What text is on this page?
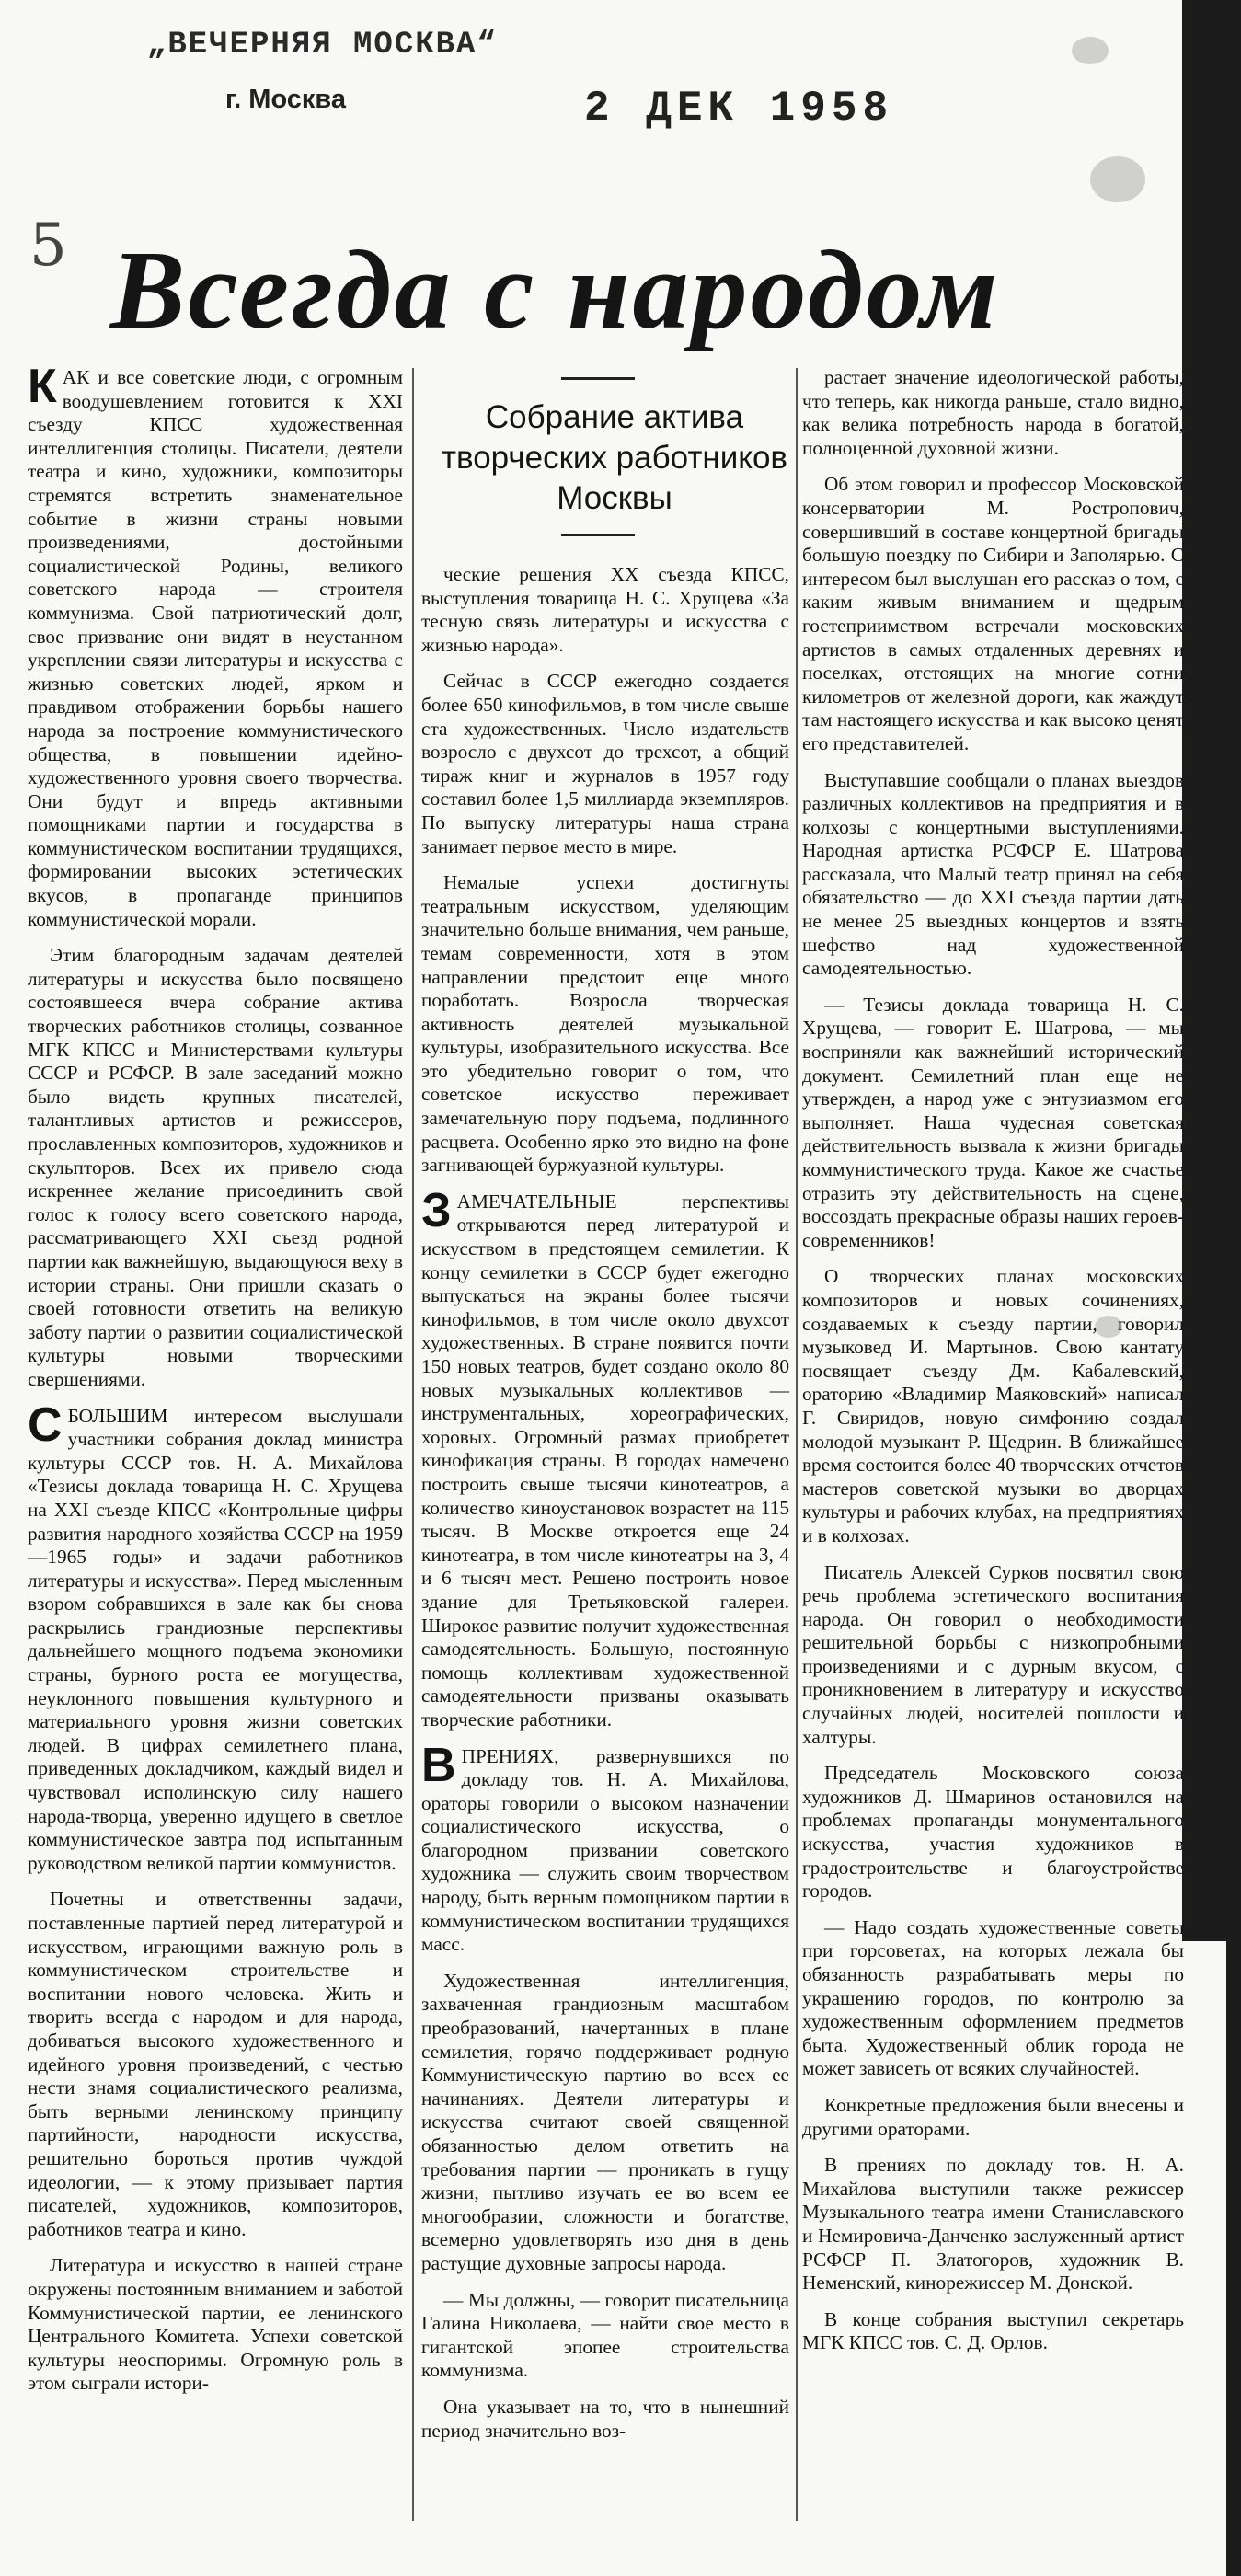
„ВЕЧЕРНЯЯ МОСКВА“
г. Москва	2 ДЕК 1958
5 Всегда с народом
Собрание актива творческих работников Москвы

КАК и все советские люди, с огромным воодушевлением готовится к XXI съезду КПСС художественная интеллигенция столицы. Писатели, деятели театра и кино, художники, композиторы стремятся встретить знаменательное событие в жизни страны новыми произведениями, достойными социалистической Родины, великого советского народа — строителя коммунизма. Свой патриотический долг, свое призвание они видят в неустанном укреплении связи литературы и искусства с жизнью советских людей, ярком и правдивом отображении борьбы нашего народа за построение коммунистического общества, в повышении идейно-художественного уровня своего творчества. Они будут и впредь активными помощниками партии и государства в коммунистическом воспитании трудящихся, формировании высоких эстетических вкусов, в пропаганде принципов коммунистической морали.

Этим благородным задачам деятелей литературы и искусства было посвящено состоявшееся вчера собрание актива творческих работников столицы, созванное МГК КПСС и Министерствами культуры СССР и РСФСР. В зале заседаний можно было видеть крупных писателей, талантливых артистов и режиссеров, прославленных композиторов, художников и скульпторов. Всех их привело сюда искреннее желание присоединить свой голос к голосу всего советского народа, рассматривающего XXI съезд родной партии как важнейшую, выдающуюся веху в истории страны. Они пришли сказать о своей готовности ответить на великую заботу партии о развитии социалистической культуры новыми творческими свершениями.

СБОЛЬШИМ интересом выслушали участники собрания доклад министра культуры СССР тов. Н. А. Михайлова «Тезисы доклада товарища Н. С. Хрущева на XXI съезде КПСС «Контрольные цифры развития народного хозяйства СССР на 1959—1965 годы» и задачи работников литературы и искусства». Перед мысленным взором собравшихся в зале как бы снова раскрылись грандиозные перспективы дальнейшего мощного подъема экономики страны, бурного роста ее могущества, неуклонного повышения культурного и материального уровня жизни советских людей. В цифрах семилетнего плана, приведенных докладчиком, каждый видел и чувствовал исполинскую силу нашего народа-творца, уверенно идущего в светлое коммунистическое завтра под испытанным руководством великой партии коммунистов.

Почетны и ответственны задачи, поставленные партией перед литературой и искусством, играющими важную роль в коммунистическом строительстве и воспитании нового человека. Жить и творить всегда с народом и для народа, добиваться высокого художественного и идейного уровня произведений, с честью нести знамя социалистического реализма, быть верными ленинскому принципу партийности, народности искусства, решительно бороться против чуждой идеологии, — к этому призывает партия писателей, художников, композиторов, работников театра и кино.

Литература и искусство в нашей стране окружены постоянным вниманием и заботой Коммунистической партии, ее ленинского Центрального Комитета. Успехи советской культуры неоспоримы. Огромную роль в этом сыграли истори-

ческие решения XX съезда КПСС, выступления товарища Н. С. Хрущева «За тесную связь литературы и искусства с жизнью народа».

Сейчас в СССР ежегодно создается более 650 кинофильмов, в том числе свыше ста художественных. Число издательств возросло с двухсот до трехсот, а общий тираж книг и журналов в 1957 году составил более 1,5 миллиарда экземпляров. По выпуску литературы наша страна занимает первое место в мире.

Немалые успехи достигнуты театральным искусством, уделяющим значительно больше внимания, чем раньше, темам современности, хотя в этом направлении предстоит еще много поработать. Возросла творческая активность деятелей музыкальной культуры, изобразительного искусства. Все это убедительно говорит о том, что советское искусство переживает замечательную пору подъема, подлинного расцвета. Особенно ярко это видно на фоне загнивающей буржуазной культуры.

ЗАМЕЧАТЕЛЬНЫЕ перспективы открываются перед литературой и искусством в предстоящем семилетии. К концу семилетки в СССР будет ежегодно выпускаться на экраны более тысячи кинофильмов, в том числе около двухсот художественных. В стране появится почти 150 новых театров, будет создано около 80 новых музыкальных коллективов — инструментальных, хореографических, хоровых. Огромный размах приобретет кинофикация страны. В городах намечено построить свыше тысячи кинотеатров, а количество киноустановок возрастет на 115 тысяч. В Москве откроется еще 24 кинотеатра, в том числе кинотеатры на 3, 4 и 6 тысяч мест. Решено построить новое здание для Третьяковской галереи. Широкое развитие получит художественная самодеятельность. Большую, постоянную помощь коллективам художественной самодеятельности призваны оказывать творческие работники.

ВПРЕНИЯХ, развернувшихся по докладу тов. Н. А. Михайлова, ораторы говорили о высоком назначении социалистического искусства, о благородном призвании советского художника — служить своим творчеством народу, быть верным помощником партии в коммунистическом воспитании трудящихся масс.

Художественная интеллигенция, захваченная грандиозным масштабом преобразований, начертанных в плане семилетия, горячо поддерживает родную Коммунистическую партию во всех ее начинаниях. Деятели литературы и искусства считают своей священной обязанностью делом ответить на требования партии — проникать в гущу жизни, пытливо изучать ее во всем ее многообразии, сложности и богатстве, всемерно удовлетворять изо дня в день растущие духовные запросы народа.

— Мы должны, — говорит писательница Галина Николаева, — найти свое место в гигантской эпопее строительства коммунизма.

Она указывает на то, что в нынешний период значительно воз-

растает значение идеологической работы, что теперь, как никогда раньше, стало видно, как велика потребность народа в богатой, полноценной духовной жизни.

Об этом говорил и профессор Московской консерватории М. Ростропович, совершивший в составе концертной бригады большую поездку по Сибири и Заполярью. С интересом был выслушан его рассказ о том, с каким живым вниманием и щедрым гостеприимством встречали московских артистов в самых отдаленных деревнях и поселках, отстоящих на многие сотни километров от железной дороги, как жаждут там настоящего искусства и как высоко ценят его представителей.

Выступавшие сообщали о планах выездов различных коллективов на предприятия и в колхозы с концертными выступлениями. Народная артистка РСФСР Е. Шатрова рассказала, что Малый театр принял на себя обязательство — до XXI съезда партии дать не менее 25 выездных концертов и взять шефство над художественной самодеятельностью.

— Тезисы доклада товарища Н. С. Хрущева, — говорит Е. Шатрова, — мы восприняли как важнейший исторический документ. Семилетний план еще не утвержден, а народ уже с энтузиазмом его выполняет. Наша чудесная советская действительность вызвала к жизни бригады коммунистического труда. Какое же счастье отразить эту действительность на сцене, воссоздать прекрасные образы наших героев-современников!

О творческих планах московских композиторов и новых сочинениях, создаваемых к съезду партии, говорил музыковед И. Мартынов. Свою кантату посвящает съезду Дм. Кабалевский, ораторию «Владимир Маяковский» написал Г. Свиридов, новую симфонию создал молодой музыкант Р. Щедрин. В ближайшее время состоится более 40 творческих отчетов мастеров советской музыки во дворцах культуры и рабочих клубах, на предприятиях и в колхозах.

Писатель Алексей Сурков посвятил свою речь проблема эстетического воспитания народа. Он говорил о необходимости решительной борьбы с низкопробными произведениями и с дурным вкусом, с проникновением в литературу и искусство случайных людей, носителей пошлости и халтуры.

Председатель Московского союза художников Д. Шмаринов остановился на проблемах пропаганды монументального искусства, участия художников в градостроительстве и благоустройстве городов.

— Надо создать художественные советы при горсоветах, на которых лежала бы обязанность разрабатывать меры по украшению городов, по контролю за художественным оформлением предметов быта. Художественный облик города не может зависеть от всяких случайностей.

Конкретные предложения были внесены и другими ораторами.

В прениях по докладу тов. Н. А. Михайлова выступили также режиссер Музыкального театра имени Станиславского и Немировича-Данченко заслуженный артист РСФСР П. Златогоров, художник В. Неменский, кинорежиссер М. Донской.

В конце собрания выступил секретарь МГК КПСС тов. С. Д. Орлов.
